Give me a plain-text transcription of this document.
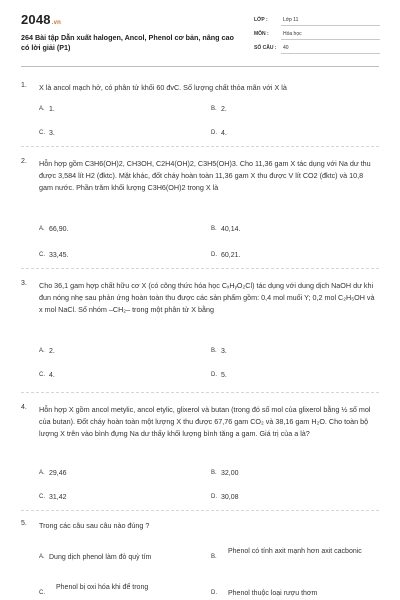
2048.vn
264 Bài tập Dẫn xuất halogen, Ancol, Phenol cơ bản, nâng cao có lời giải (P1)
LỚP :	Lớp 11
MÔN :	Hóa học
SỐ CÂU : 40
1. X là ancol mạch hở, có phân tử khối 60 đvC. Số lượng chất thỏa mãn với X là
A. 1.	B. 2.
C. 3.	D. 4.
2. Hỗn hợp gồm C3H6(OH)2, CH3OH, C2H4(OH)2, C3H5(OH)3. Cho 11,36 gam X tác dụng với Na dư thu được 3,584 lít H2 (đktc). Mặt khác, đốt cháy hoàn toàn 11,36 gam X thu được V lít CO2 (đktc) và 10,8 gam nước. Phần trăm khối lượng C3H6(OH)2 trong X là
A. 66,90.	B. 40,14.
C. 33,45.	D. 60,21.
3. Cho 36,1 gam hợp chất hữu cơ X (có công thức hóa học CₓHᵧO₂Cl) tác dụng với dung dịch NaOH dư khi đun nóng nhẹ sau phản ứng hoàn toàn thu được các sản phẩm gồm: 0,4 mol muối Y; 0,2 mol C₂H₅OH và x mol NaCl. Số nhóm –CH₂– trong một phân tử X bằng
A. 2.	B. 3.
C. 4.	D. 5.
4. Hỗn hợp X gồm ancol metylic, ancol etylic, glixerol và butan (trong đó số mol của glixerol bằng ½ số mol của butan). Đốt cháy hoàn toàn một lượng X thu được 67,76 gam CO₂ và 38,16 gam H₂O. Cho toàn bộ lượng X trên vào bình đựng Na dư thấy khối lượng bình tăng a gam. Giá trị của a là?
A. 29,46	B. 32,00
C. 31,42	D. 30,08
5. Trong các câu sau câu nào đúng ?
A. Dung dịch phenol làm đỏ quỳ tím	B.
Phenol có tính axit mạnh hơn axit cacbonic
C.
Phenol bị oxi hóa khi để trong
D. Phenol thuộc loại rượu thơm
